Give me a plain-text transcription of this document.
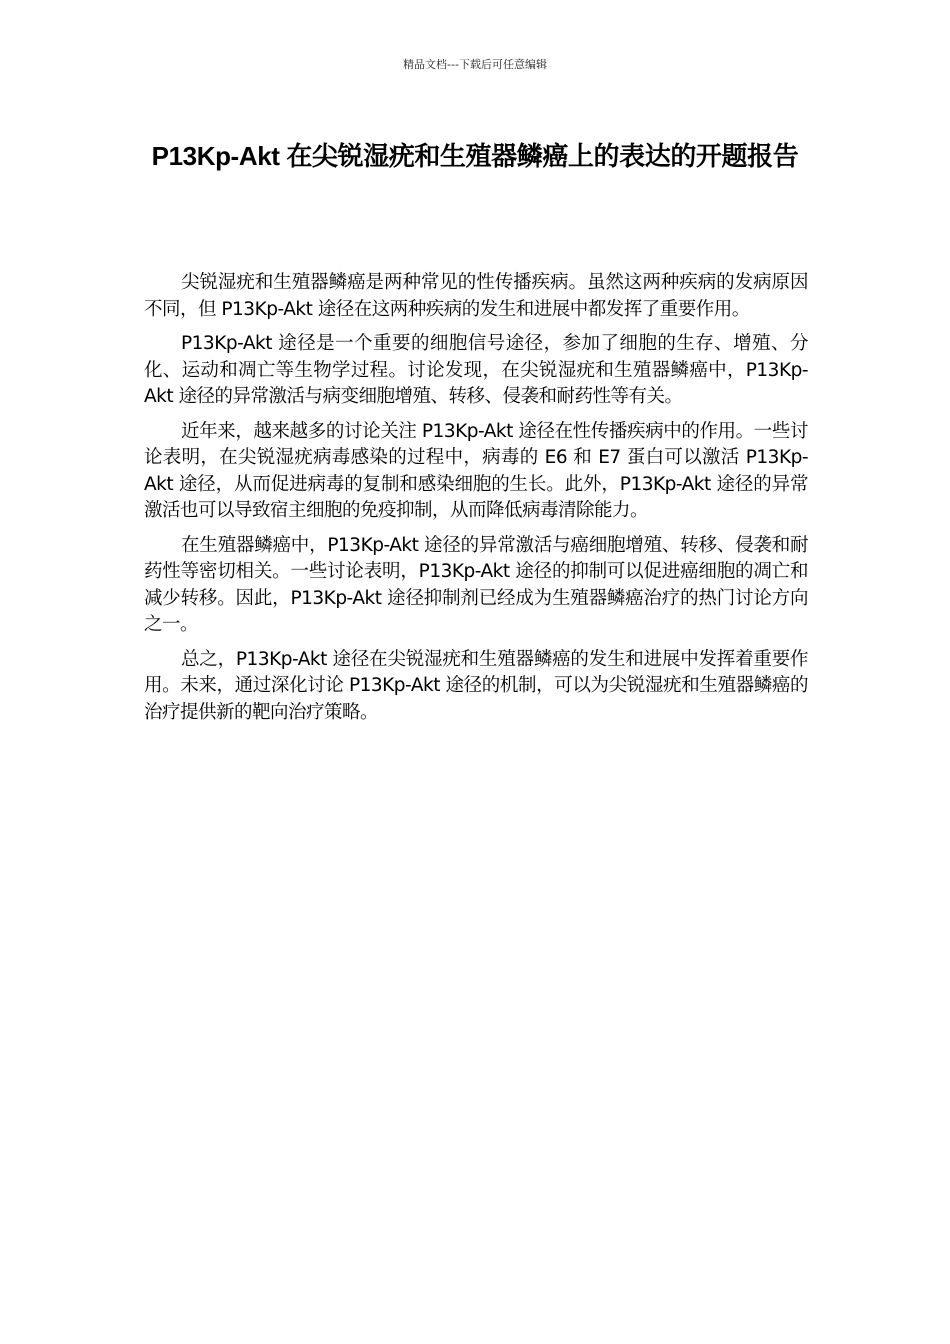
精品文档---下载后可任意编辑
P13Kp-Akt 在尖锐湿疣和生殖器鳞癌上的表达的开题报告

尖锐湿疣和生殖器鳞癌是两种常见的性传播疾病。虽然这两种疾病的发病原因不同，但 P13Kp-Akt 途径在这两种疾病的发生和进展中都发挥了重要作用。

P13Kp-Akt 途径是一个重要的细胞信号途径，参加了细胞的生存、增殖、分化、运动和凋亡等生物学过程。讨论发现，在尖锐湿疣和生殖器鳞癌中，P13Kp-Akt 途径的异常激活与病变细胞增殖、转移、侵袭和耐药性等有关。

近年来，越来越多的讨论关注 P13Kp-Akt 途径在性传播疾病中的作用。一些讨论表明，在尖锐湿疣病毒感染的过程中，病毒的 E6 和 E7 蛋白可以激活 P13Kp-Akt 途径，从而促进病毒的复制和感染细胞的生长。此外，P13Kp-Akt 途径的异常激活也可以导致宿主细胞的免疫抑制，从而降低病毒清除能力。

在生殖器鳞癌中，P13Kp-Akt 途径的异常激活与癌细胞增殖、转移、侵袭和耐药性等密切相关。一些讨论表明，P13Kp-Akt 途径的抑制可以促进癌细胞的凋亡和减少转移。因此，P13Kp-Akt 途径抑制剂已经成为生殖器鳞癌治疗的热门讨论方向之一。

总之，P13Kp-Akt 途径在尖锐湿疣和生殖器鳞癌的发生和进展中发挥着重要作用。未来，通过深化讨论 P13Kp-Akt 途径的机制，可以为尖锐湿疣和生殖器鳞癌的治疗提供新的靶向治疗策略。
